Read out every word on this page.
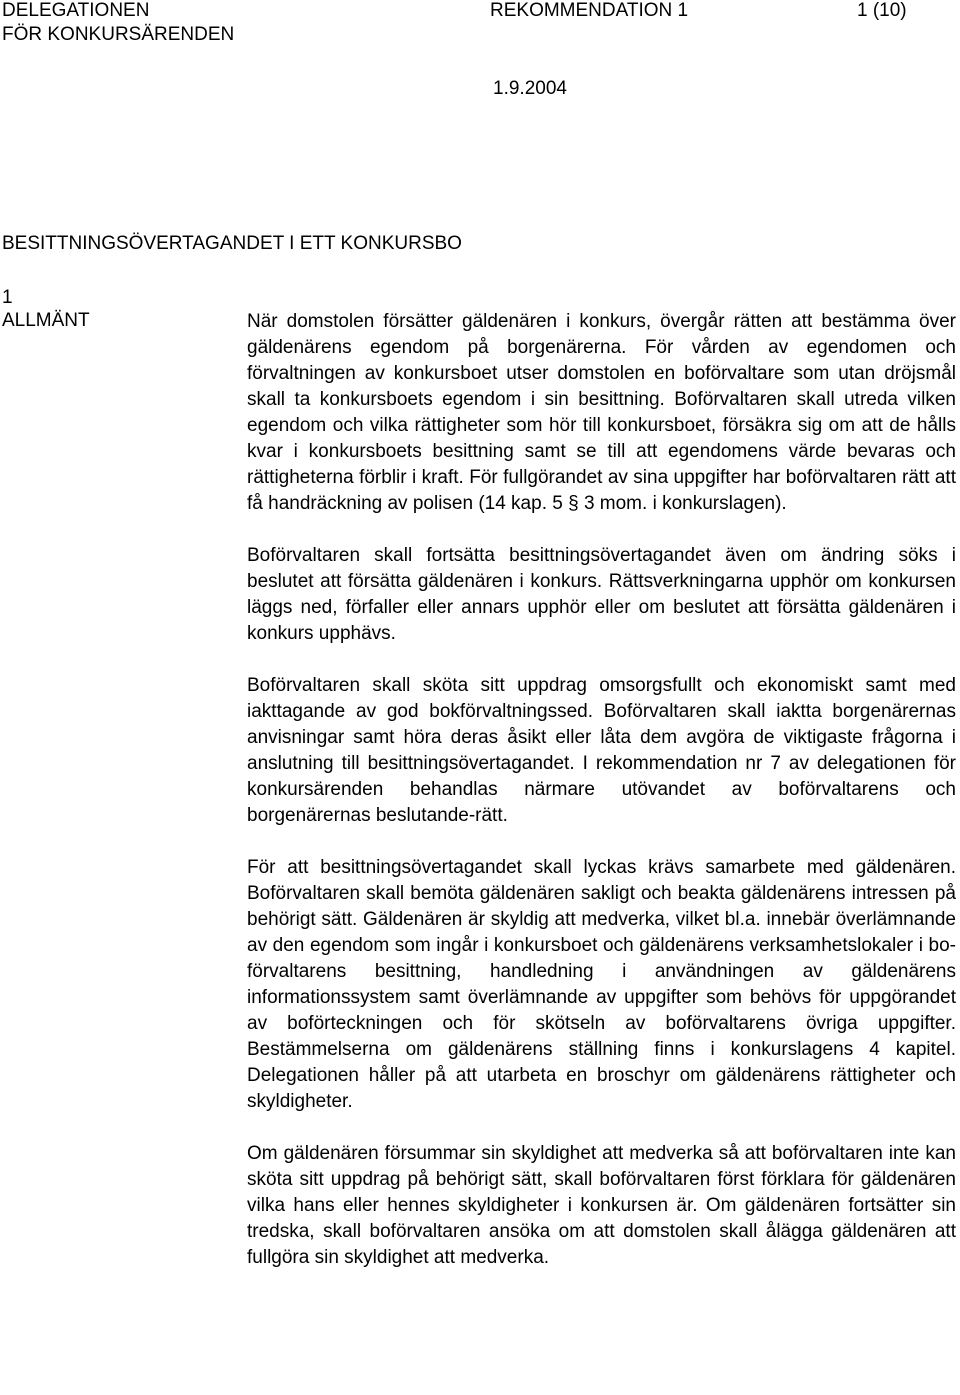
DELEGATIONEN
FÖR KONKURSÄRENDEN
REKOMMENDATION 1	1 (10)
1.9.2004
BESITTNINGSÖVERTAGANDET I ETT KONKURSBO
1
ALLMÄNT	När domstolen försätter gäldenären i konkurs, övergår rätten att bestämma över gäldenärens egendom på borgenärerna. För vården av egendomen och förvaltningen av konkursboet utser domstolen en boförvaltare som utan dröjsmål skall ta konkursboets egendom i sin besittning. Boförvaltaren skall utreda vilken egendom och vilka rättigheter som hör till konkursboet, försäkra sig om att de hålls kvar i konkursboets besittning samt se till att egendomens värde bevaras och rättigheterna förblir i kraft. För fullgörandet av sina uppgifter har boförvaltaren rätt att få handräckning av polisen (14 kap. 5 § 3 mom. i konkurslagen).

Boförvaltaren skall fortsätta besittningsövertagandet även om ändring söks i beslutet att försätta gäldenären i konkurs. Rättsverkningarna upphör om konkursen läggs ned, förfaller eller annars upphör eller om beslutet att försätta gäldenären i konkurs upphävs.

Boförvaltaren skall sköta sitt uppdrag omsorgsfullt och ekonomiskt samt med iakttagande av god bokförvaltningssed. Boförvaltaren skall iaktta borgenärernas anvisningar samt höra deras åsikt eller låta dem avgöra de viktigaste frågorna i anslutning till besittningsövertagandet. I rekommendation nr 7 av delegationen för konkursärenden behandlas närmare utövandet av boförvaltarens och borgenärernas beslutande-rätt.

För att besittningsövertagandet skall lyckas krävs samarbete med gäldenären. Boförvaltaren skall bemöta gäldenären sakligt och beakta gäldenärens intressen på behörigt sätt. Gäldenären är skyldig att medverka, vilket bl.a. innebär överlämnande av den egendom som ingår i konkursboet och gäldenärens verksamhetslokaler i bo-förvaltarens besittning, handledning i användningen av gäldenärens informationssystem samt överlämnande av uppgifter som behövs för uppgörandet av boförteckningen och för skötseln av boförvaltarens övriga uppgifter. Bestämmelserna om gäldenärens ställning finns i konkurslagens 4 kapitel. Delegationen håller på att utarbeta en broschyr om gäldenärens rättigheter och skyldigheter.

Om gäldenären försummar sin skyldighet att medverka så att boförvaltaren inte kan sköta sitt uppdrag på behörigt sätt, skall boförvaltaren först förklara för gäldenären vilka hans eller hennes skyldigheter i konkursen är. Om gäldenären fortsätter sin tredska, skall boförvaltaren ansöka om att domstolen skall ålägga gäldenären att fullgöra sin skyldighet att medverka.
